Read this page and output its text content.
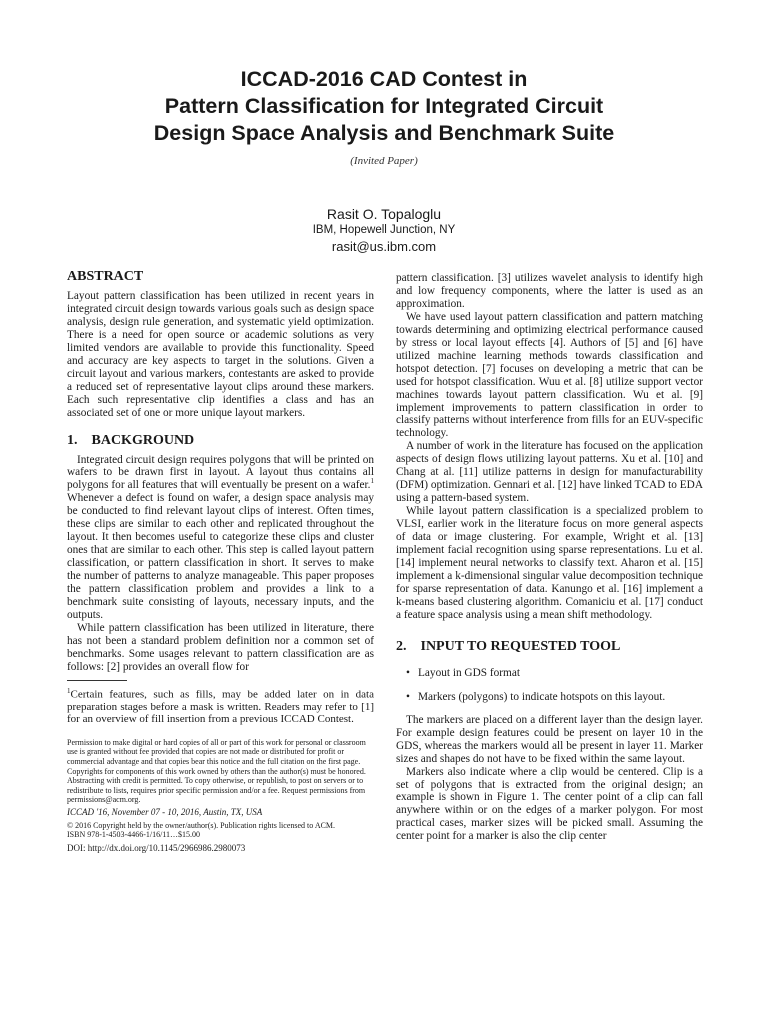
ICCAD-2016 CAD Contest in
Pattern Classification for Integrated Circuit
Design Space Analysis and Benchmark Suite
(Invited Paper)
Rasit O. Topaloglu
IBM, Hopewell Junction, NY
rasit@us.ibm.com
ABSTRACT

Layout pattern classification has been utilized in recent years in integrated circuit design towards various goals such as design space analysis, design rule generation, and systematic yield optimization. There is a need for open source or academic solutions as very limited vendors are available to provide this functionality. Speed and accuracy are key aspects to target in the solutions. Given a circuit layout and various markers, contestants are asked to provide a reduced set of representative layout clips around these markers. Each such representative clip identifies a class and has an associated set of one or more unique layout markers.

1. BACKGROUND

Integrated circuit design requires polygons that will be printed on wafers to be drawn first in layout. A layout thus contains all polygons for all features that will eventually be present on a wafer.$^1$ Whenever a defect is found on wafer, a design space analysis may be conducted to find relevant layout clips of interest. Often times, these clips are similar to each other and replicated throughout the layout. It then becomes useful to categorize these clips and cluster ones that are similar to each other. This step is called layout pattern classification, or pattern classification in short. It serves to make the number of patterns to analyze manageable. This paper proposes the pattern classification problem and provides a link to a benchmark suite consisting of layouts, necessary inputs, and the outputs.

While pattern classification has been utilized in literature, there has not been a standard problem definition nor a common set of benchmarks. Some usages relevant to pattern classification are as follows: [2] provides an overall flow for

$^1$Certain features, such as fills, may be added later on in data preparation stages before a mask is written. Readers may refer to [1] for an overview of fill insertion from a previous ICCAD Contest.

Permission to make digital or hard copies of all or part of this work for personal or classroom use is granted without fee provided that copies are not made or distributed for profit or commercial advantage and that copies bear this notice and the full citation on the first page. Copyrights for components of this work owned by others than the author(s) must be honored. Abstracting with credit is permitted. To copy otherwise, or republish, to post on servers or to redistribute to lists, requires prior specific permission and/or a fee. Request permissions from permissions@acm.org.
ICCAD '16, November 07 - 10, 2016, Austin, TX, USA
© 2016 Copyright held by the owner/author(s). Publication rights licensed to ACM.
ISBN 978-1-4503-4466-1/16/11…$15.00
DOI: http://dx.doi.org/10.1145/2966986.2980073

pattern classification. [3] utilizes wavelet analysis to identify high and low frequency components, where the latter is used as an approximation.

We have used layout pattern classification and pattern matching towards determining and optimizing electrical performance caused by stress or local layout effects [4]. Authors of [5] and [6] have utilized machine learning methods towards classification and hotspot detection. [7] focuses on developing a metric that can be used for hotspot classification. Wuu et al. [8] utilize support vector machines towards layout pattern classification. Wu et al. [9] implement improvements to pattern classification in order to classify patterns without interference from fills for an EUV-specific technology.

A number of work in the literature has focused on the application aspects of design flows utilizing layout patterns. Xu et al. [10] and Chang at al. [11] utilize patterns in design for manufacturability (DFM) optimization. Gennari et al. [12] have linked TCAD to EDA using a pattern-based system.

While layout pattern classification is a specialized problem to VLSI, earlier work in the literature focus on more general aspects of data or image clustering. For example, Wright et al. [13] implement facial recognition using sparse representations. Lu et al. [14] implement neural networks to classify text. Aharon et al. [15] implement a k-dimensional singular value decomposition technique for sparse representation of data. Kanungo et al. [16] implement a k-means based clustering algorithm. Comaniciu et al. [17] conduct a feature space analysis using a mean shift methodology.

2. INPUT TO REQUESTED TOOL
• Layout in GDS format
• Markers (polygons) to indicate hotspots on this layout.

The markers are placed on a different layer than the design layer. For example design features could be present on layer 10 in the GDS, whereas the markers would all be present in layer 11. Marker sizes and shapes do not have to be fixed within the same layout.

Markers also indicate where a clip would be centered. Clip is a set of polygons that is extracted from the original design; an example is shown in Figure 1. The center point of a clip can fall anywhere within or on the edges of a marker polygon. For most practical cases, marker sizes will be picked small. Assuming the center point for a marker is also the clip center
